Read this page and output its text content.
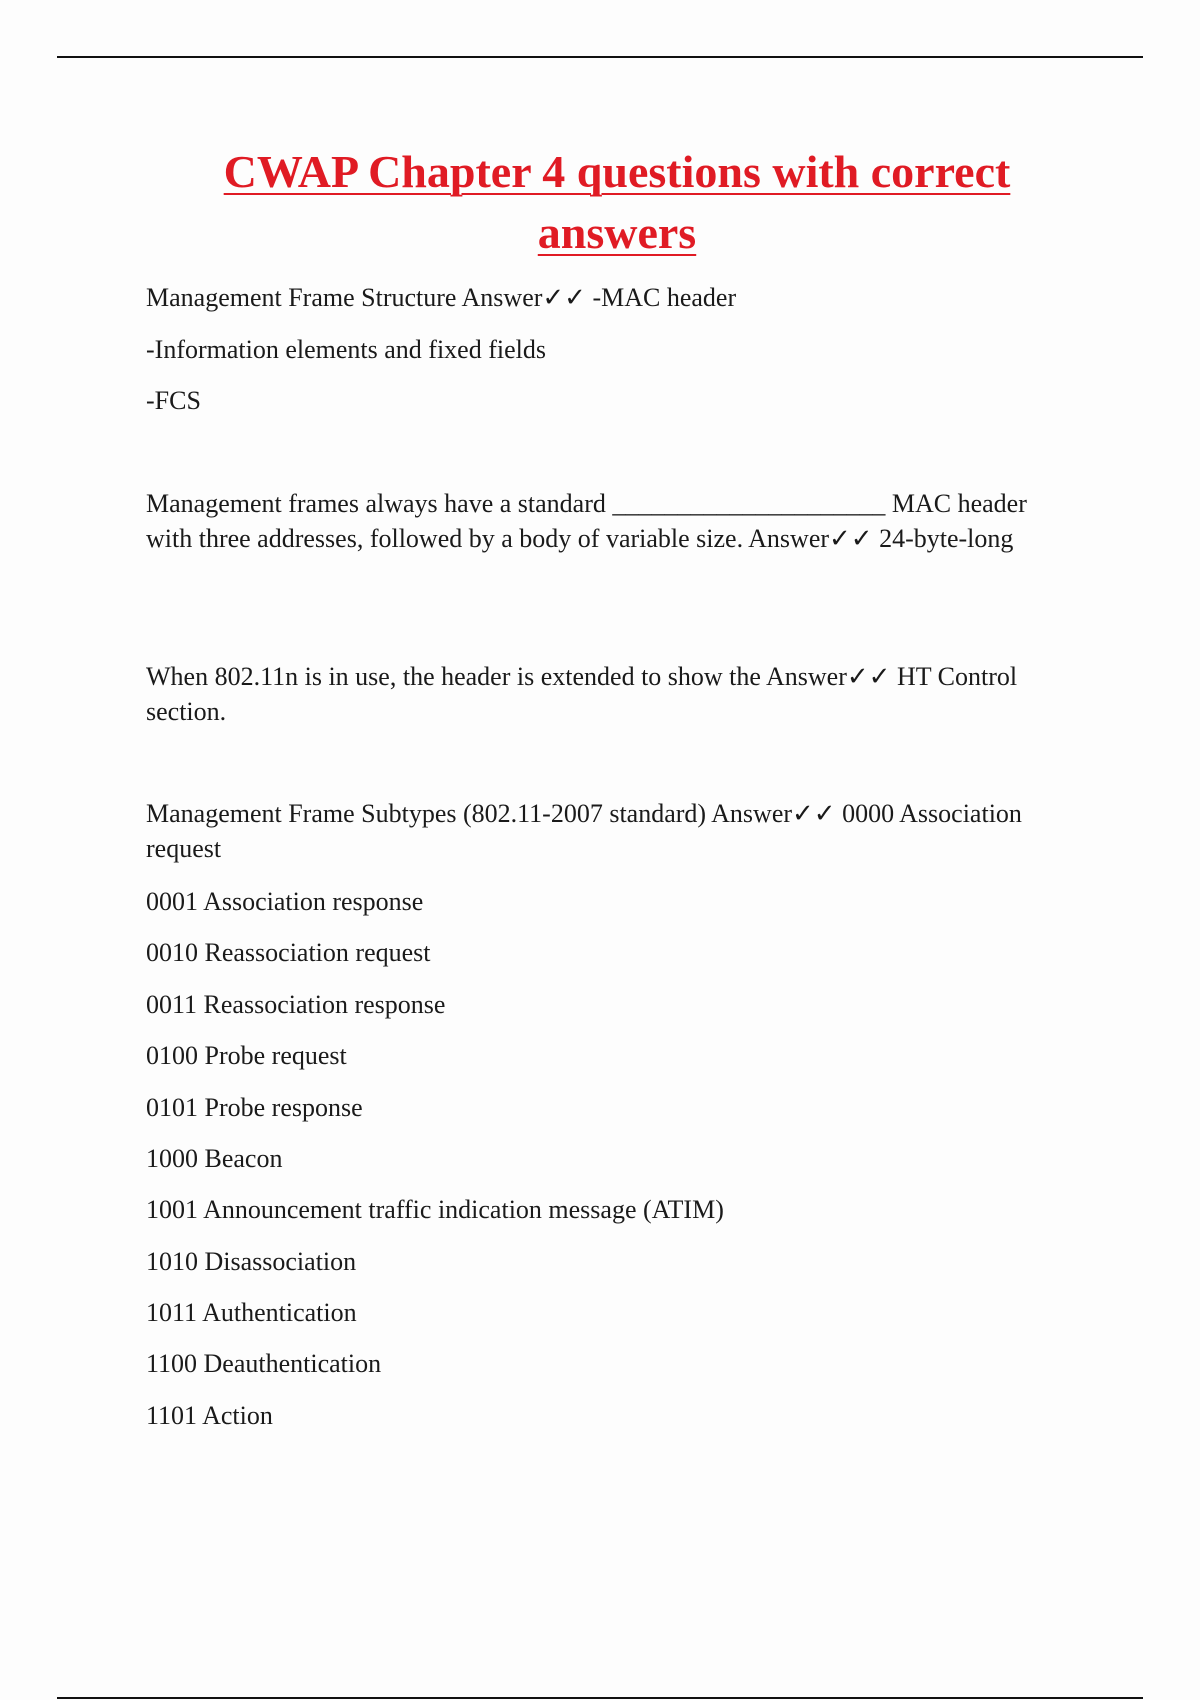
CWAP Chapter 4 questions with correct answers

Management Frame Structure Answer✓✓ -MAC header

-Information elements and fixed fields

-FCS

Management frames always have a standard _____________________ MAC header with three addresses, followed by a body of variable size. Answer✓✓ 24-byte-long

When 802.11n is in use, the header is extended to show the Answer✓✓ HT Control section.

Management Frame Subtypes (802.11-2007 standard) Answer✓✓ 0000 Association request

0001 Association response

0010 Reassociation request

0011 Reassociation response

0100 Probe request

0101 Probe response

1000 Beacon

1001 Announcement traffic indication message (ATIM)

1010 Disassociation

1011 Authentication

1100 Deauthentication

1101 Action
